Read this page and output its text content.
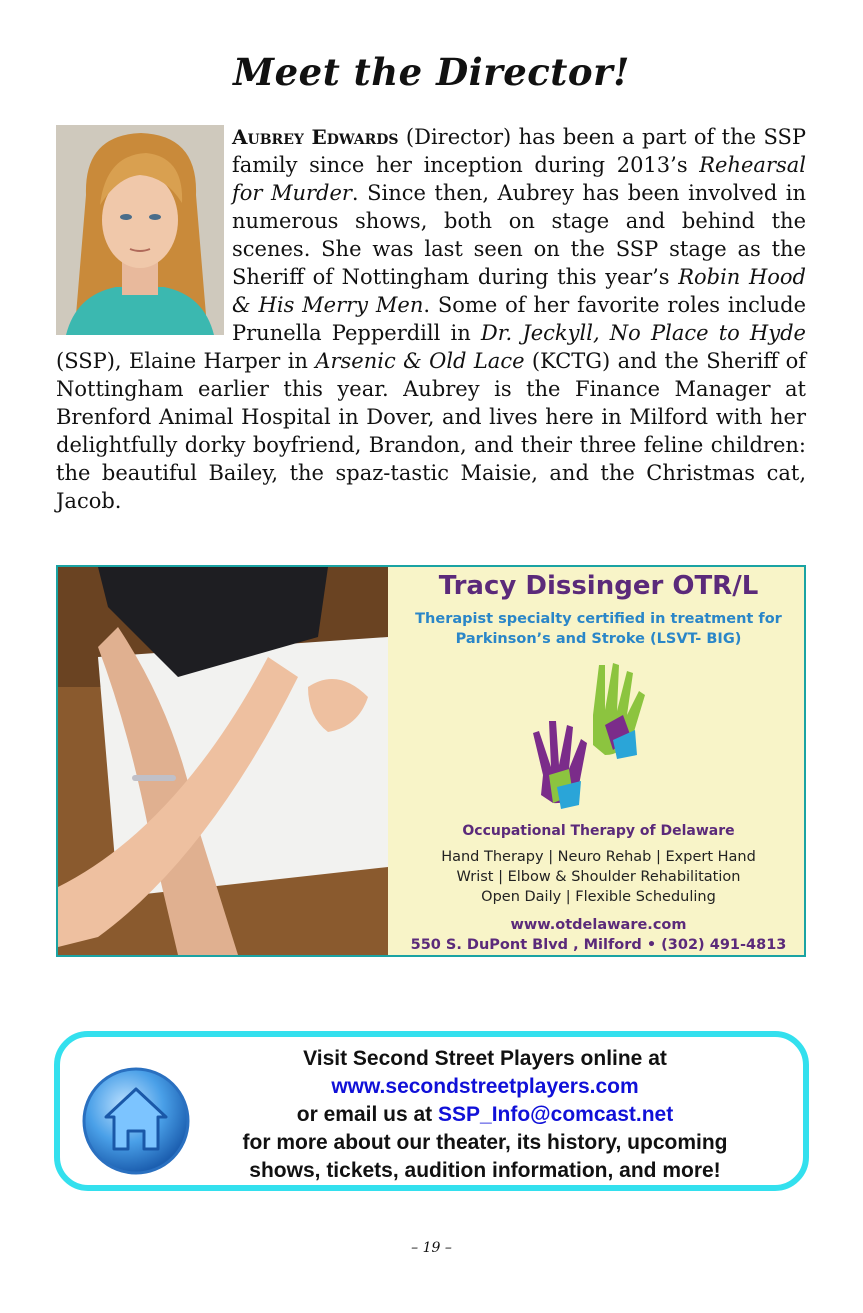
Meet the Director!
Aubrey Edwards (Director) has been a part of the SSP family since her inception during 2013’s Rehearsal for Murder. Since then, Aubrey has been involved in numerous shows, both on stage and behind the scenes. She was last seen on the SSP stage as the Sheriff of Nottingham during this year’s Robin Hood & His Merry Men. Some of her favorite roles include Prunella Pepperdill in Dr. Jeckyll, No Place to Hyde (SSP), Elaine Harper in Arsenic & Old Lace (KCTG) and the Sheriff of Nottingham earlier this year. Aubrey is the Finance Manager at Brenford Animal Hospital in Dover, and lives here in Milford with her delightfully dorky boyfriend, Brandon, and their three feline children: the beautiful Bailey, the spaz-tastic Maisie, and the Christmas cat, Jacob.
Tracy Dissinger OTR/L
Therapist specialty certified in treatment for
Parkinson’s and Stroke (LSVT- BIG)
Occupational Therapy of Delaware
Hand Therapy | Neuro Rehab | Expert Hand
Wrist | Elbow & Shoulder Rehabilitation
Open Daily | Flexible Scheduling
www.otdelaware.com
550 S. DuPont Blvd , Milford • (302) 491-4813
Visit Second Street Players online at
www.secondstreetplayers.com
or email us at SSP_Info@comcast.net
for more about our theater, its history, upcoming
shows, tickets, audition information, and more!
– 19 –
